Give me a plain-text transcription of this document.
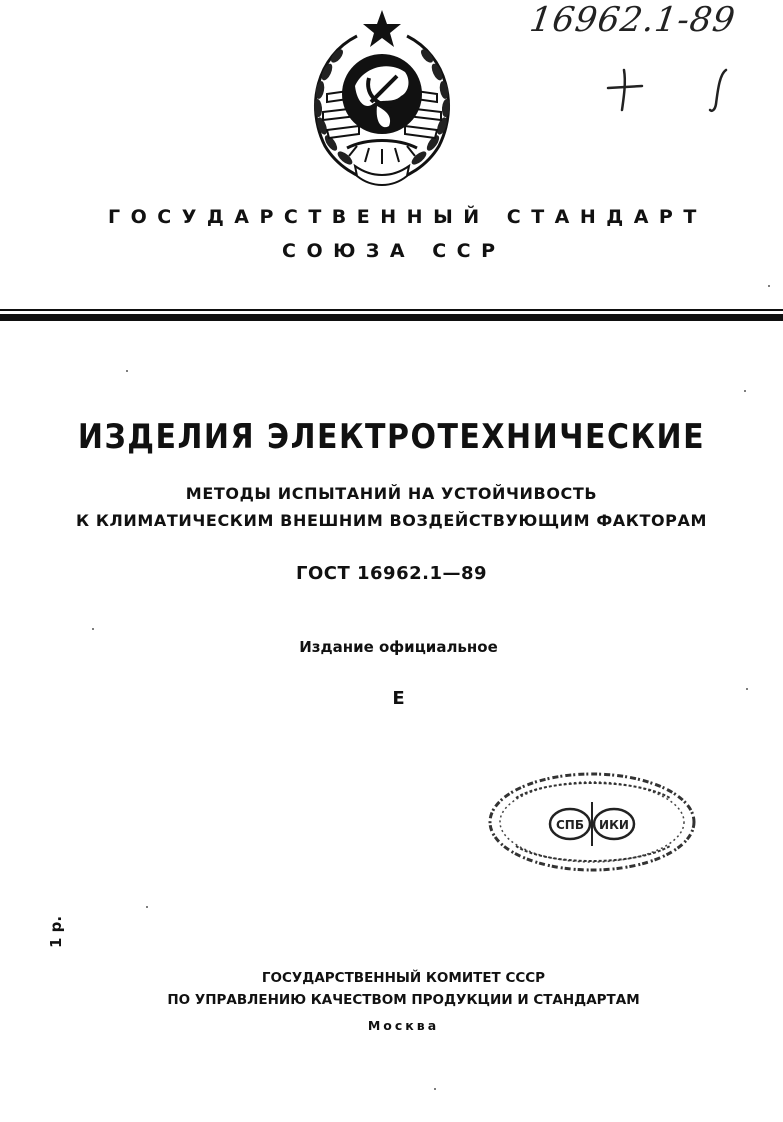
16962.1-89
ГОСУДАРСТВЕННЫЙ СТАНДАРТ
СОЮЗА ССР
ИЗДЕЛИЯ ЭЛЕКТРОТЕХНИЧЕСКИЕ
МЕТОДЫ ИСПЫТАНИЙ НА УСТОЙЧИВОСТЬ
К КЛИМАТИЧЕСКИМ ВНЕШНИМ ВОЗДЕЙСТВУЮЩИМ ФАКТОРАМ
ГОСТ 16962.1—89
Издание официальное
Е
СПБ ИКИ
1 р.
ГОСУДАРСТВЕННЫЙ КОМИТЕТ СССР
ПО УПРАВЛЕНИЮ КАЧЕСТВОМ ПРОДУКЦИИ И СТАНДАРТАМ
Москва
